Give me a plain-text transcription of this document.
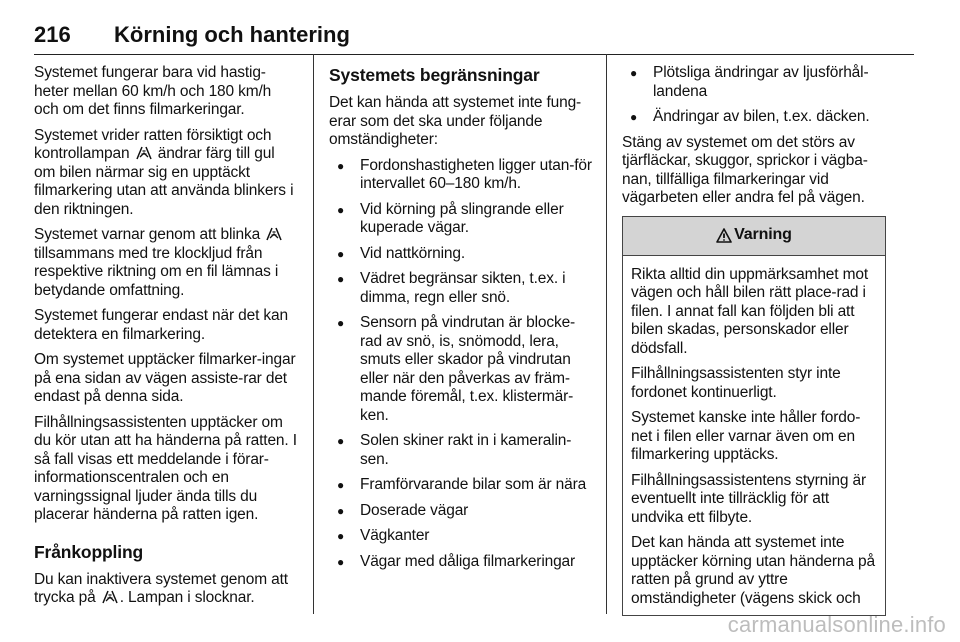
216 Körning och hantering

Systemet fungerar bara vid hastig-heter mellan 60 km/h och 180 km/h och om det finns filmarkeringar.

Systemet vrider ratten försiktigt och kontrollampan  ändrar färg till gul om bilen närmar sig en upptäckt filmarkering utan att använda blinkers i den riktningen.

Systemet varnar genom att blinka  tillsammans med tre klockljud från respektive riktning om en fil lämnas i betydande omfattning.

Systemet fungerar endast när det kan detektera en filmarkering.

Om systemet upptäcker filmarker-ingar på ena sidan av vägen assiste-rar det endast på denna sida.

Filhållningsassistenten upptäcker om du kör utan att ha händerna på ratten. I så fall visas ett meddelande i förar-informationscentralen och en varningssignal ljuder ända tills du placerar händerna på ratten igen.

Frånkoppling

Du kan inaktivera systemet genom att trycka på . Lampan i slocknar.

Systemets begränsningar

Det kan hända att systemet inte fung-erar som det ska under följande omständigheter:

● Fordonshastigheten ligger utan-för intervallet 60–180 km/h.
● Vid körning på slingrande eller kuperade vägar.
● Vid nattkörning.
● Vädret begränsar sikten, t.ex. i dimma, regn eller snö.
● Sensorn på vindrutan är blocke-rad av snö, is, snömodd, lera, smuts eller skador på vindrutan eller när den påverkas av främ-mande föremål, t.ex. klistermär-ken.
● Solen skiner rakt in i kameralin-sen.
● Framförvarande bilar som är nära
● Doserade vägar
● Vägkanter
● Vägar med dåliga filmarkeringar
● Plötsliga ändringar av ljusförhål-landena
● Ändringar av bilen, t.ex. däcken.

Stäng av systemet om det störs av tjärfläckar, skuggor, sprickor i vägba-nan, tillfälliga filmarkeringar vid vägarbeten eller andra fel på vägen.

Varning

Rikta alltid din uppmärksamhet mot vägen och håll bilen rätt place-rad i filen. I annat fall kan följden bli att bilen skadas, personskador eller dödsfall.

Filhållningsassistenten styr inte fordonet kontinuerligt.

Systemet kanske inte håller fordo-net i filen eller varnar även om en filmarkering upptäcks.

Filhållningsassistentens styrning är eventuellt inte tillräcklig för att undvika ett filbyte.

Det kan hända att systemet inte upptäcker körning utan händerna på ratten på grund av yttre omständigheter (vägens skick och

carmanualsonline.info
